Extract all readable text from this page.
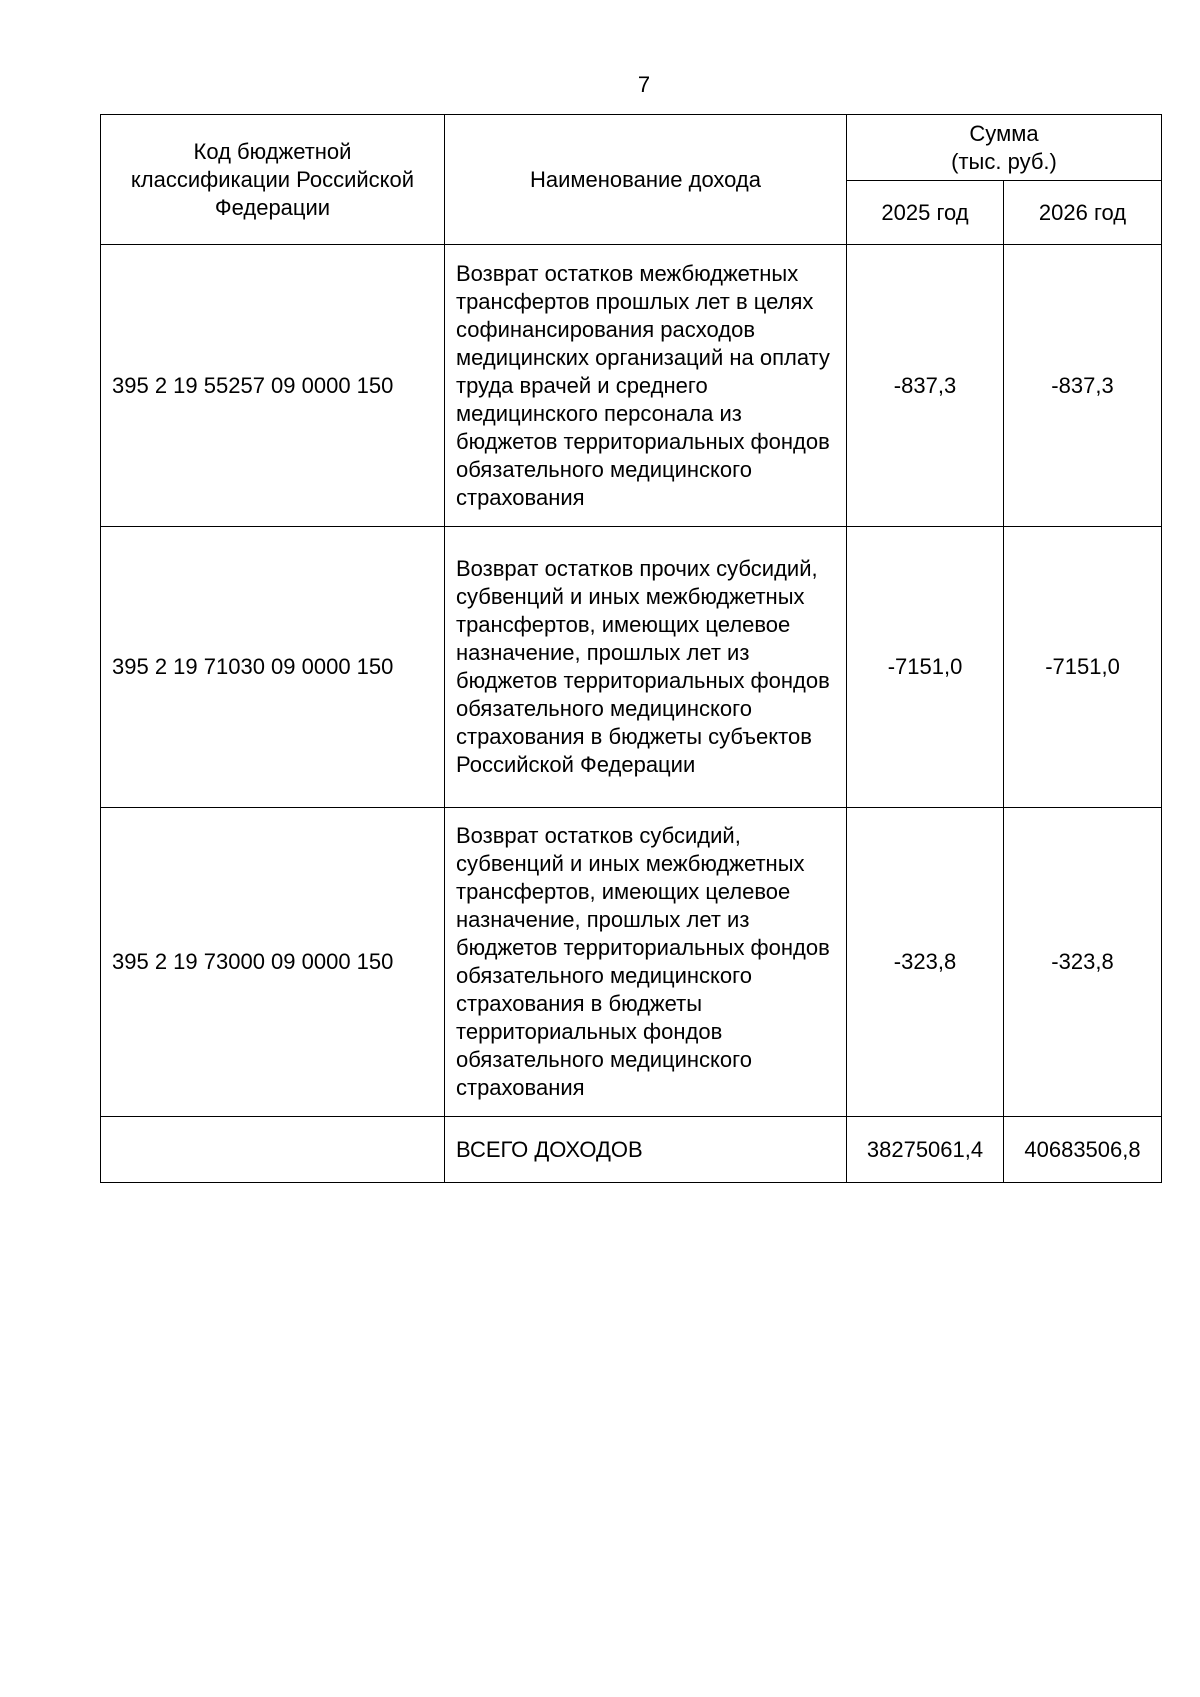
7
Код бюджетной классификации Российской Федерации	Наименование дохода	Сумма
(тыс. руб.)	

		2025 год	2026 год
395 2 19 55257 09 0000 150	Возврат остатков межбюджетных трансфертов прошлых лет в целях софинансирования расходов медицинских организаций на оплату труда врачей и среднего медицинского персонала из бюджетов территориальных фондов обязательного медицинского страхования	-837,3	-837,3
395 2 19 71030 09 0000 150	Возврат остатков прочих субсидий, субвенций и иных межбюджетных трансфертов, имеющих целевое назначение, прошлых лет из бюджетов территориальных фондов обязательного медицинского страхования в бюджеты субъектов Российской Федерации	-7151,0	-7151,0
395 2 19 73000 09 0000 150	Возврат остатков субсидий, субвенций и иных межбюджетных трансфертов, имеющих целевое назначение, прошлых лет из бюджетов территориальных фондов обязательного медицинского страхования в бюджеты территориальных фондов обязательного медицинского страхования	-323,8	-323,8
	ВСЕГО ДОХОДОВ	38275061,4	40683506,8
